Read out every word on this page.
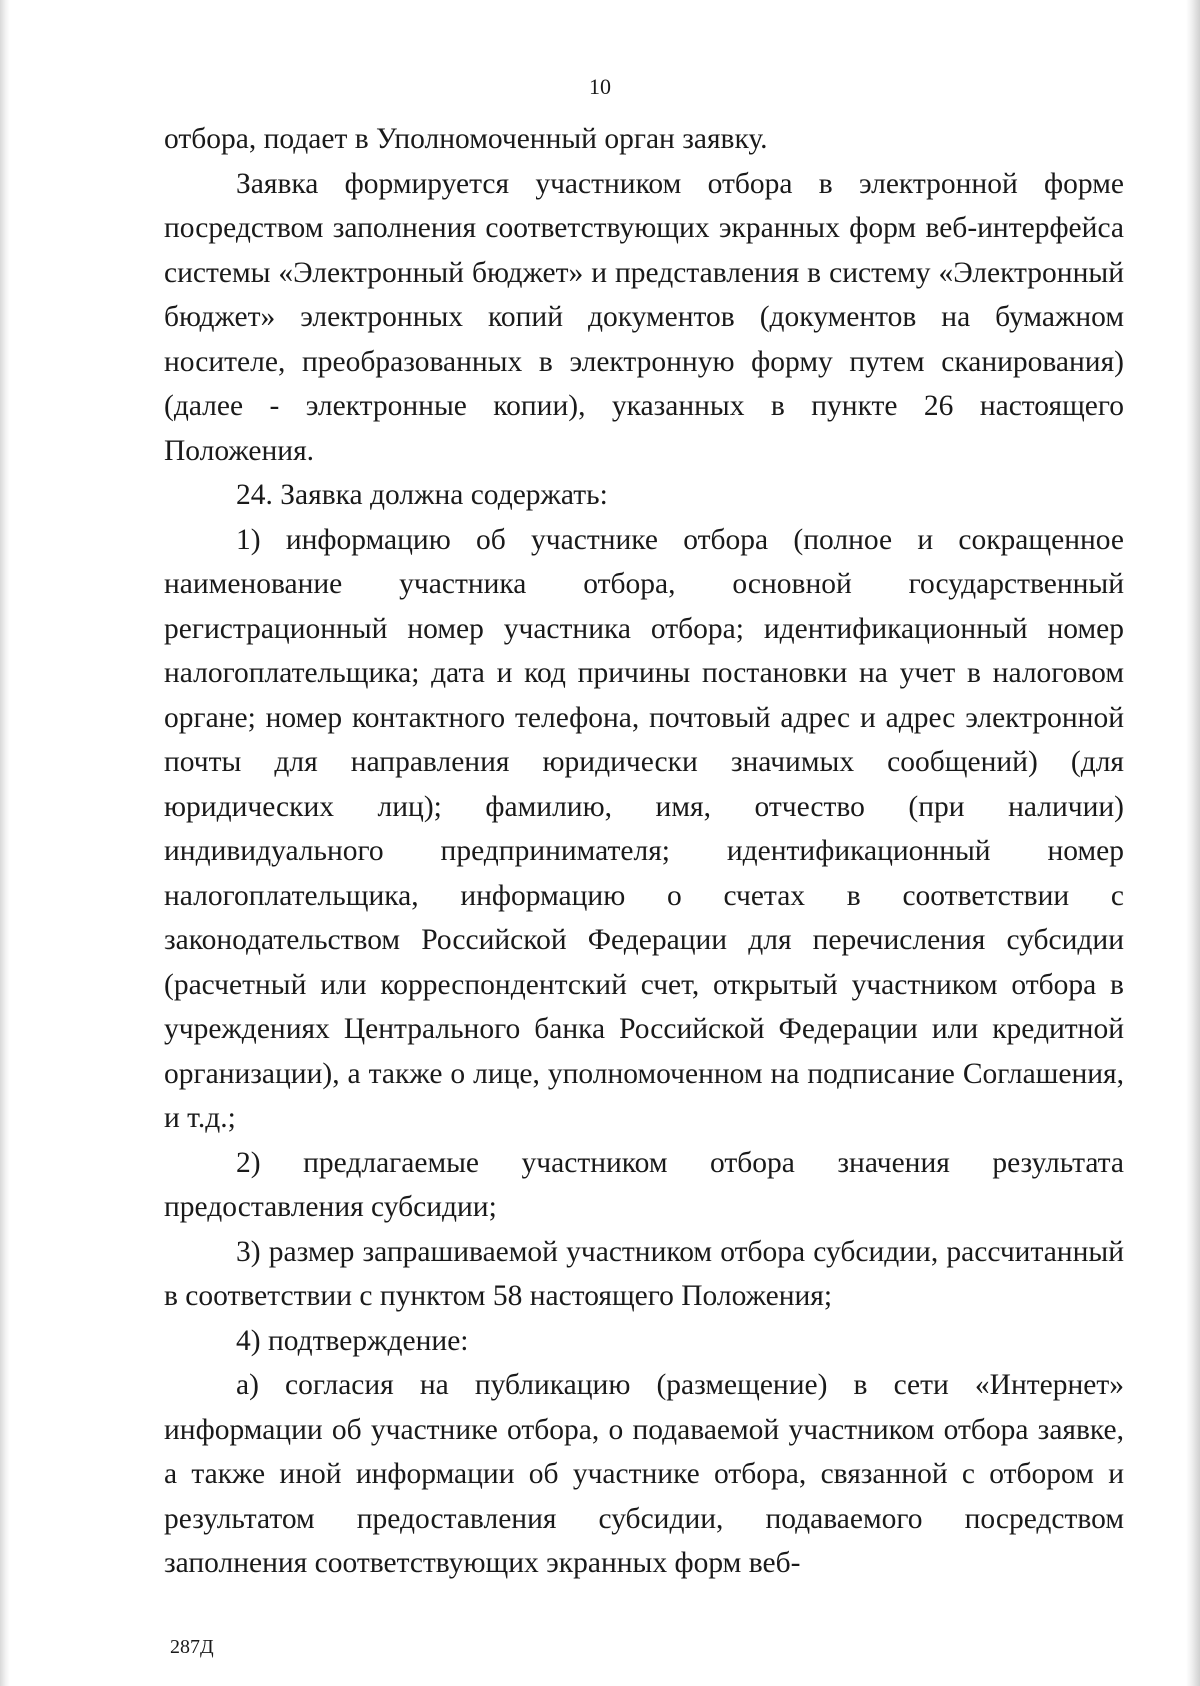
10

отбора, подает в Уполномоченный орган заявку.

Заявка формируется участником отбора в электронной форме посредством заполнения соответствующих экранных форм веб-интерфейса системы «Электронный бюджет» и представления в систему «Электронный бюджет» электронных копий документов (документов на бумажном носителе, преобразованных в электронную форму путем сканирования) (далее - электронные копии), указанных в пункте 26 настоящего Положения.

24. Заявка должна содержать:

1) информацию об участнике отбора (полное и сокращенное наименование участника отбора, основной государственный регистрационный номер участника отбора; идентификационный номер налогоплательщика; дата и код причины постановки на учет в налоговом органе; номер контактного телефона, почтовый адрес и адрес электронной почты для направления юридически значимых сообщений) (для юридических лиц); фамилию, имя, отчество (при наличии) индивидуального предпринимателя; идентификационный номер налогоплательщика, информацию о счетах в соответствии с законодательством Российской Федерации для перечисления субсидии (расчетный или корреспондентский счет, открытый участником отбора в учреждениях Центрального банка Российской Федерации или кредитной организации), а также о лице, уполномоченном на подписание Соглашения, и т.д.;

2) предлагаемые участником отбора значения результата предоставления субсидии;

3) размер запрашиваемой участником отбора субсидии, рассчитанный в соответствии с пунктом 58 настоящего Положения;

4) подтверждение:

а) согласия на публикацию (размещение) в сети «Интернет» информации об участнике отбора, о подаваемой участником отбора заявке, а также иной информации об участнике отбора, связанной с отбором и результатом предоставления субсидии, подаваемого посредством заполнения соответствующих экранных форм веб-

287Д
